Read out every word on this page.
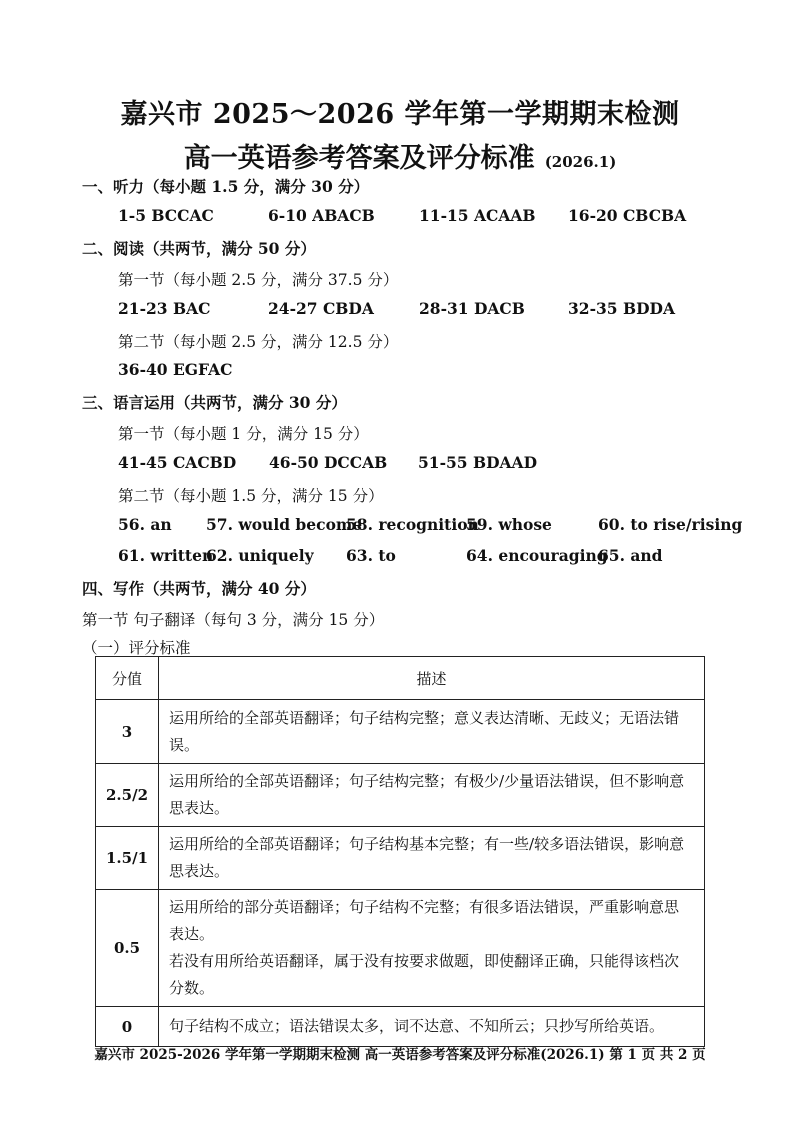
嘉兴市 2025～2026 学年第一学期期末检测
高一英语参考答案及评分标准 (2026.1)
一、听力（每小题 1.5 分，满分 30 分）
1-5 BCCAC	6-10 ABACB	11-15 ACAAB	16-20 CBCBA
二、阅读（共两节，满分 50 分）
第一节（每小题 2.5 分，满分 37.5 分）
21-23 BAC	24-27 CBDA	28-31 DACB	32-35 BDDA
第二节（每小题 2.5 分，满分 12.5 分）
36-40 EGFAC
三、语言运用（共两节，满分 30 分）
第一节（每小题 1 分，满分 15 分）
41-45 CACBD	46-50 DCCAB	51-55 BDAAD
第二节（每小题 1.5 分，满分 15 分）
56. an	57. would become
58. recognition
59. whose	60. to rise/rising
61. written
62. uniquely	63. to	64. encouraging
65. and
四、写作（共两节，满分 40 分）
第一节 句子翻译（每句 3 分，满分 15 分）
（一）评分标准
分值	描述
3	运用所给的全部英语翻译；句子结构完整；意义表达清晰、无歧义；无语法错误。
2.5/2	运用所给的全部英语翻译；句子结构完整；有极少/少量语法错误，但不影响意思表达。
1.5/1	运用所给的全部英语翻译；句子结构基本完整；有一些/较多语法错误，影响意思表达。
0.5	运用所给的部分英语翻译；句子结构不完整；有很多语法错误，严重影响意思表达。
若没有用所给英语翻译，属于没有按要求做题，即使翻译正确，只能得该档次分数。

0	句子结构不成立；语法错误太多，词不达意、不知所云；只抄写所给英语。
嘉兴市 2025-2026 学年第一学期期末检测 高一英语参考答案及评分标准(2026.1) 第 1 页 共 2 页
